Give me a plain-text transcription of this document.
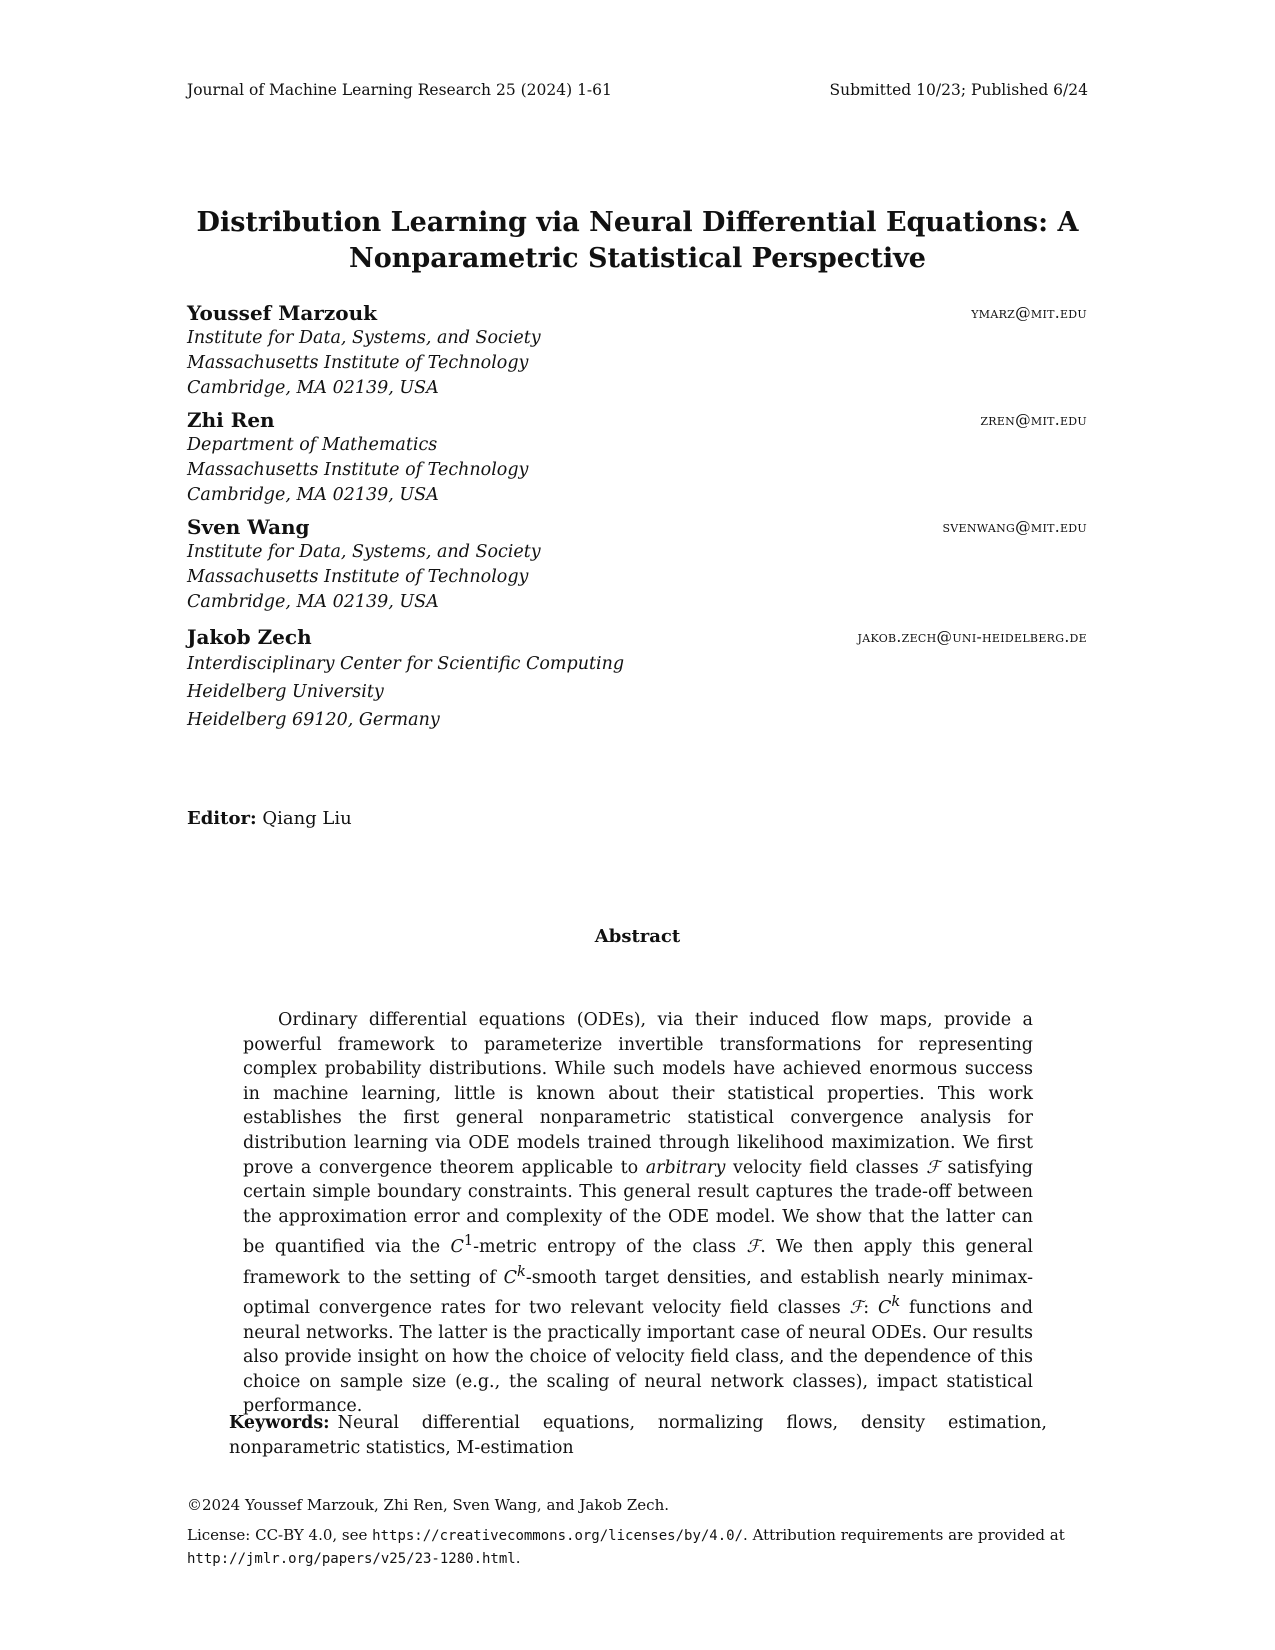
Journal of Machine Learning Research 25 (2024) 1-61	Submitted 10/23; Published 6/24
Distribution Learning via Neural Differential Equations: A
Nonparametric Statistical Perspective
Youssef Marzouk	ymarz@mit.edu
Institute for Data, Systems, and Society
Massachusetts Institute of Technology
Cambridge, MA 02139, USA
Zhi Ren	zren@mit.edu
Department of Mathematics
Massachusetts Institute of Technology
Cambridge, MA 02139, USA
Sven Wang	svenwang@mit.edu
Institute for Data, Systems, and Society
Massachusetts Institute of Technology
Cambridge, MA 02139, USA
Jakob Zech	jakob.zech@uni-heidelberg.de
Interdisciplinary Center for Scientific Computing
Heidelberg University
Heidelberg 69120, Germany
Editor: Qiang Liu
Abstract

Ordinary differential equations (ODEs), via their induced flow maps, provide a powerful framework to parameterize invertible transformations for representing complex probability distributions. While such models have achieved enormous success in machine learning, little is known about their statistical properties. This work establishes the first general nonparametric statistical convergence analysis for distribution learning via ODE models trained through likelihood maximization. We first prove a convergence theorem applicable to arbitrary velocity field classes ℱ satisfying certain simple boundary constraints. This general result captures the trade-off between the approximation error and complexity of the ODE model. We show that the latter can be quantified via the $C^1$-metric entropy of the class ℱ. We then apply this general framework to the setting of $C^k$-smooth target densities, and establish nearly minimax-optimal convergence rates for two relevant velocity field classes ℱ: $C^k$ functions and neural networks. The latter is the practically important case of neural ODEs. Our results also provide insight on how the choice of velocity field class, and the dependence of this choice on sample size (e.g., the scaling of neural network classes), impact statistical performance.

Keywords: Neural differential equations, normalizing flows, density estimation, nonparametric statistics, M-estimation
©2024 Youssef Marzouk, Zhi Ren, Sven Wang, and Jakob Zech.
License: CC-BY 4.0, see https://creativecommons.org/licenses/by/4.0/. Attribution requirements are provided at http://jmlr.org/papers/v25/23-1280.html.
